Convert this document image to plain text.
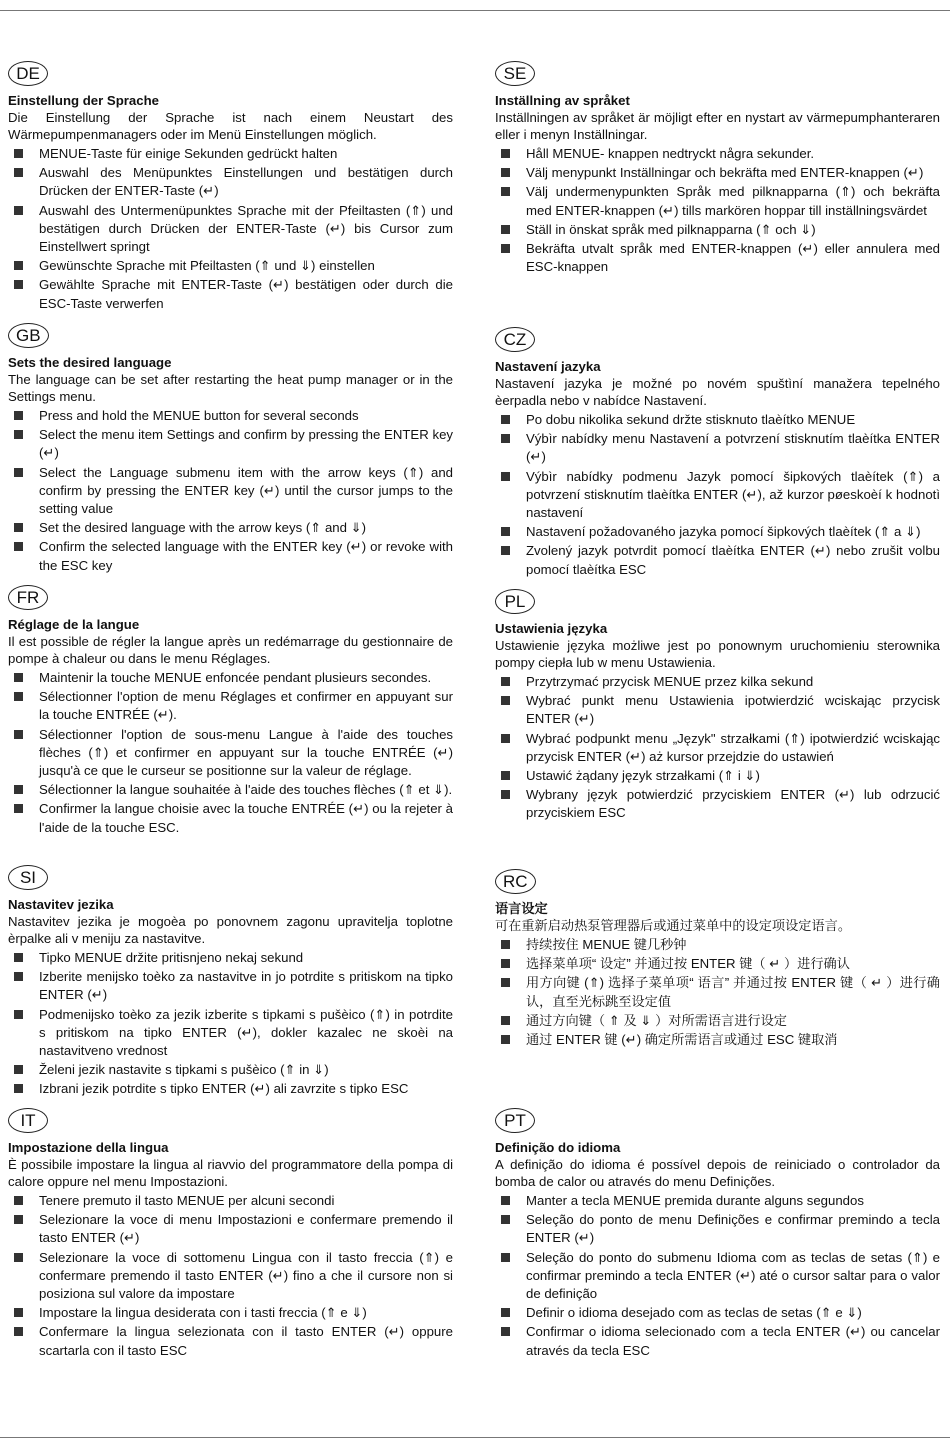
DE
Einstellung der Sprache
Die Einstellung der Sprache ist nach einem Neustart des Wärmepumpenmanagers oder im Menü Einstellungen möglich.
MENUE-Taste für einige Sekunden gedrückt halten
Auswahl des Menüpunktes Einstellungen und bestätigen durch Drücken der ENTER-Taste (↵)
Auswahl des Untermenüpunktes Sprache mit der Pfeiltasten (⇑) und bestätigen durch Drücken der ENTER-Taste (↵) bis Cursor zum Einstellwert springt
Gewünschte Sprache mit Pfeiltasten (⇑ und ⇓) einstellen
Gewählte Sprache mit ENTER-Taste (↵) bestätigen oder durch die ESC-Taste verwerfen
GB
Sets the desired language
The language can be set after restarting the heat pump manager or in the Settings menu.
Press and hold the MENUE button for several seconds
Select the menu item Settings and confirm by pressing the ENTER key (↵)
Select the Language submenu item with the arrow keys (⇑) and confirm by pressing the ENTER key (↵) until the cursor jumps to the setting value
Set the desired language with the arrow keys (⇑ and ⇓)
Confirm the selected language with the ENTER key (↵) or revoke with the ESC key
FR
Réglage de la langue
Il est possible de régler la langue après un redémarrage du gestionnaire de pompe à chaleur ou dans le menu Réglages.
Maintenir la touche MENUE enfoncée pendant plusieurs secondes.
Sélectionner l'option de menu Réglages et confirmer en appuyant sur la touche ENTRÉE (↵).
Sélectionner l'option de sous-menu Langue à l'aide des touches flèches (⇑) et confirmer en appuyant sur la touche ENTRÉE (↵) jusqu'à ce que le curseur se positionne sur la valeur de réglage.
Sélectionner la langue souhaitée à l'aide des touches flèches (⇑ et ⇓).
Confirmer la langue choisie avec la touche ENTRÉE (↵) ou la rejeter à l'aide de la touche ESC.
SI
Nastavitev jezika
Nastavitev jezika je mogoèa po ponovnem zagonu upravitelja toplotne èrpalke ali v meniju za nastavitve.
Tipko MENUE držite pritisnjeno nekaj sekund
Izberite menijsko toèko za nastavitve in jo potrdite s pritiskom na tipko ENTER (↵)
Podmenijsko toèko za jezik izberite s tipkami s pušèico (⇑) in potrdite s pritiskom na tipko ENTER (↵), dokler kazalec ne skoèi na nastavitveno vrednost
Želeni jezik nastavite s tipkami s pušèico (⇑ in ⇓)
Izbrani jezik potrdite s tipko ENTER (↵) ali zavrzite s tipko ESC
IT
Impostazione della lingua
È possibile impostare la lingua al riavvio del programmatore della pompa di calore oppure nel menu Impostazioni.
Tenere premuto il tasto MENUE per alcuni secondi
Selezionare la voce di menu Impostazioni e confermare premendo il tasto ENTER (↵)
Selezionare la voce di sottomenu Lingua con il tasto freccia (⇑) e confermare premendo il tasto ENTER (↵) fino a che il cursore non si posiziona sul valore da impostare
Impostare la lingua desiderata con i tasti freccia (⇑ e ⇓)
Confermare la lingua selezionata con il tasto ENTER (↵) oppure scartarla con il tasto ESC
SE
Inställning av språket
Inställningen av språket är möjligt efter en nystart av värmepumphanteraren eller i menyn Inställningar.
Håll MENUE- knappen nedtryckt några sekunder.
Välj menypunkt Inställningar och bekräfta med ENTER-knappen (↵)
Välj undermenypunkten Språk med pilknapparna (⇑) och bekräfta med ENTER-knappen (↵) tills markören hoppar till inställningsvärdet
Ställ in önskat språk med pilknapparna (⇑ och ⇓)
Bekräfta utvalt språk med ENTER-knappen (↵) eller annulera med ESC-knappen
CZ
Nastavení jazyka
Nastavení jazyka je možné po novém spuštìní manažera tepelného èerpadla nebo v nabídce Nastavení.
Po dobu nikolika sekund držte stisknuto tlaèítko MENUE
Výbìr nabídky menu Nastavení a potvrzení stisknutím tlaèítka ENTER (↵)
Výbìr nabídky podmenu Jazyk pomocí šipkových tlaèítek (⇑) a potvrzení stisknutím tlaèítka ENTER (↵), až kurzor pøeskoèí k hodnotì nastavení
Nastavení požadovaného jazyka pomocí šipkových tlaèítek (⇑ a ⇓)
Zvolený jazyk potvrdit pomocí tlaèítka ENTER (↵) nebo zrušit volbu pomocí tlaèítka ESC
PL
Ustawienia języka
Ustawienie języka możliwe jest po ponownym uruchomieniu sterownika pompy ciepła lub w menu Ustawienia.
Przytrzymać przycisk MENUE przez kilka sekund
Wybrać punkt menu Ustawienia ipotwierdzić wciskając przycisk ENTER (↵)
Wybrać podpunkt menu „Język" strzałkami (⇑) ipotwierdzić wciskając przycisk ENTER (↵) aż kursor przejdzie do ustawień
Ustawić żądany język strzałkami (⇑ i ⇓)
Wybrany język potwierdzić przyciskiem ENTER (↵) lub odrzucić przyciskiem ESC
RC
语言设定
可在重新启动热泵管理器后或通过菜单中的设定项设定语言。
持续按住 MENUE 键几秒钟
选择菜单项“ 设定” 并通过按 ENTER 键（ ↵ ）进行确认
用方向键 (⇑) 选择子菜单项“ 语言” 并通过按 ENTER 键（ ↵ ）进行确认，直至光标跳至设定值
通过方向键（ ⇑ 及 ⇓ ）对所需语言进行设定
通过 ENTER 键 (↵) 确定所需语言或通过 ESC 键取消
PT
Definição do idioma
A definição do idioma é possível depois de reiniciado o controlador da bomba de calor ou através do menu Definições.
Manter a tecla MENUE premida durante alguns segundos
Seleção do ponto de menu Definições e confirmar premindo a tecla ENTER (↵)
Seleção do ponto do submenu Idioma com as teclas de setas (⇑) e confirmar premindo a tecla ENTER (↵) até o cursor saltar para o valor de definição
Definir o idioma desejado com as teclas de setas (⇑ e ⇓)
Confirmar o idioma selecionado com a tecla ENTER (↵) ou cancelar através da tecla ESC
